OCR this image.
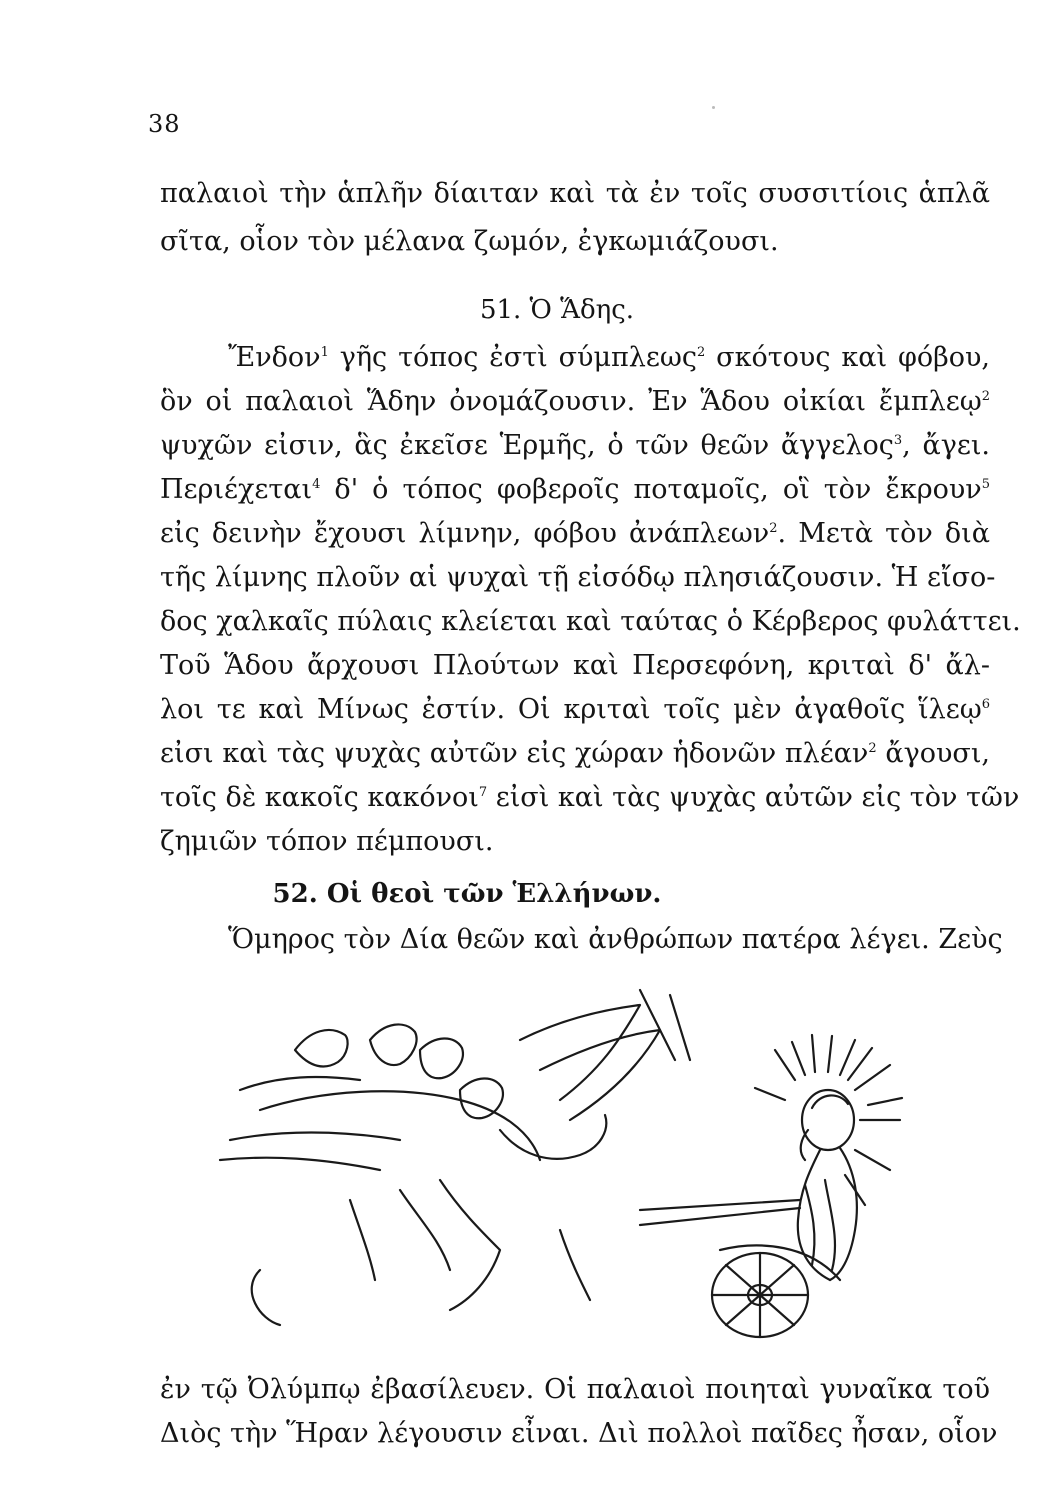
38
παλαιοὶ τὴν ἁπλῆν δίαιταν καὶ τὰ ἐν τοῖς συσσιτίοις ἁπλᾶ
σῖτα, οἷον τὸν μέλανα ζωμόν, ἐγκωμιάζουσι.
51. Ὁ Ἅδης.
Ἔνδον$^1$ γῆς τόπος ἐστὶ σύμπλεως$^2$ σκότους καὶ φόβου,
ὃν οἱ παλαιοὶ Ἅδην ὀνομάζουσιν. Ἐν Ἅδου οἰκίαι ἔμπλεῳ$^2$
ψυχῶν εἰσιν, ἃς ἐκεῖσε Ἑρμῆς, ὁ τῶν θεῶν ἄγγελος$^3$, ἄγει.
Περιέχεται$^4$ δ' ὁ τόπος φοβεροῖς ποταμοῖς, οἳ τὸν ἔκρουν$^5$
εἰς δεινὴν ἔχουσι λίμνην, φόβου ἀνάπλεων$^2$. Μετὰ τὸν διὰ
τῆς λίμνης πλοῦν αἱ ψυχαὶ τῇ εἰσόδῳ πλησιάζουσιν. Ἡ εἴσο-
δος χαλκαῖς πύλαις κλείεται καὶ ταύτας ὁ Κέρβερος φυλάττει.
Τοῦ Ἅδου ἄρχουσι Πλούτων καὶ Περσεφόνη, κριταὶ δ' ἄλ-
λοι τε καὶ Μίνως ἐστίν. Οἱ κριταὶ τοῖς μὲν ἀγαθοῖς ἵλεῳ$^6$
εἰσι καὶ τὰς ψυχὰς αὐτῶν εἰς χώραν ἡδονῶν πλέαν$^2$ ἄγουσι,
τοῖς δὲ κακοῖς κακόνοι$^7$ εἰσὶ καὶ τὰς ψυχὰς αὐτῶν εἰς τὸν τῶν
ζημιῶν τόπον πέμπουσι.
52. Οἱ θεοὶ τῶν Ἑλλήνων.
Ὅμηρος τὸν Δία θεῶν καὶ ἀνθρώπων πατέρα λέγει. Ζεὺς
ἐν τῷ Ὀλύμπῳ ἐβασίλευεν. Οἱ παλαιοὶ ποιηταὶ γυναῖκα τοῦ
Διὸς τὴν Ἥραν λέγουσιν εἶναι. Διὶ πολλοὶ παῖδες ἦσαν, οἷον
